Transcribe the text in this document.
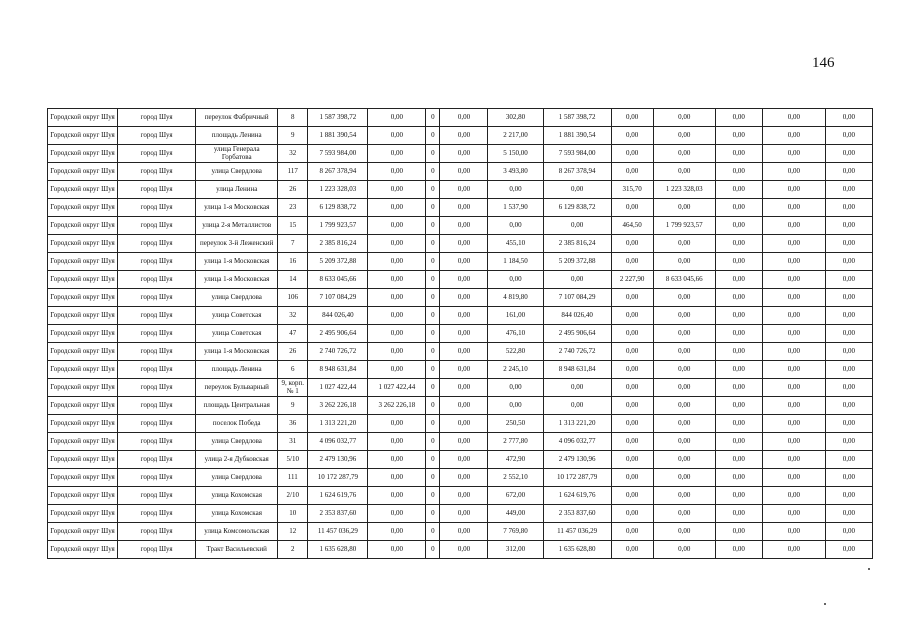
146
Городской округ Шуя	город Шуя	переулок Фабричный	8	1 587 398,72	0,00	0	0,00	302,80	1 587 398,72	0,00	0,00	0,00	0,00	0,00
Городской округ Шуя	город Шуя	площадь Ленина	9	1 881 390,54	0,00	0	0,00	2 217,00	1 881 390,54	0,00	0,00	0,00	0,00	0,00
Городской округ Шуя	город Шуя	улица Генерала Горбатова	32	7 593 984,00	0,00	0	0,00	5 150,00	7 593 984,00	0,00	0,00	0,00	0,00	0,00
Городской округ Шуя	город Шуя	улица Свердлова	117	8 267 378,94	0,00	0	0,00	3 493,80	8 267 378,94	0,00	0,00	0,00	0,00	0,00
Городской округ Шуя	город Шуя	улица Ленина	26	1 223 328,03	0,00	0	0,00	0,00	0,00	315,70	1 223 328,03	0,00	0,00	0,00
Городской округ Шуя	город Шуя	улица 1-я Московская	23	6 129 838,72	0,00	0	0,00	1 537,90	6 129 838,72	0,00	0,00	0,00	0,00	0,00
Городской округ Шуя	город Шуя	улица 2-я Металлистов	15	1 799 923,57	0,00	0	0,00	0,00	0,00	464,50	1 799 923,57	0,00	0,00	0,00
Городской округ Шуя	город Шуя	переулок 3-й Леженский	7	2 385 816,24	0,00	0	0,00	455,10	2 385 816,24	0,00	0,00	0,00	0,00	0,00
Городской округ Шуя	город Шуя	улица 1-я Московская	16	5 209 372,88	0,00	0	0,00	1 184,50	5 209 372,88	0,00	0,00	0,00	0,00	0,00
Городской округ Шуя	город Шуя	улица 1-я Московская	14	8 633 045,66	0,00	0	0,00	0,00	0,00	2 227,90	8 633 045,66	0,00	0,00	0,00
Городской округ Шуя	город Шуя	улица Свердлова	106	7 107 084,29	0,00	0	0,00	4 819,80	7 107 084,29	0,00	0,00	0,00	0,00	0,00
Городской округ Шуя	город Шуя	улица Советская	32	844 026,40	0,00	0	0,00	161,00	844 026,40	0,00	0,00	0,00	0,00	0,00
Городской округ Шуя	город Шуя	улица Советская	47	2 495 906,64	0,00	0	0,00	476,10	2 495 906,64	0,00	0,00	0,00	0,00	0,00
Городской округ Шуя	город Шуя	улица 1-я Московская	26	2 740 726,72	0,00	0	0,00	522,80	2 740 726,72	0,00	0,00	0,00	0,00	0,00
Городской округ Шуя	город Шуя	площадь Ленина	6	8 948 631,84	0,00	0	0,00	2 245,10	8 948 631,84	0,00	0,00	0,00	0,00	0,00
Городской округ Шуя	город Шуя	переулок Бульварный	9, корп. № 1	1 027 422,44	1 027 422,44	0	0,00	0,00	0,00	0,00	0,00	0,00	0,00	0,00
Городской округ Шуя	город Шуя	площадь Центральная	9	3 262 226,18	3 262 226,18	0	0,00	0,00	0,00	0,00	0,00	0,00	0,00	0,00
Городской округ Шуя	город Шуя	поселок Победа	36	1 313 221,20	0,00	0	0,00	250,50	1 313 221,20	0,00	0,00	0,00	0,00	0,00
Городской округ Шуя	город Шуя	улица Свердлова	31	4 096 032,77	0,00	0	0,00	2 777,80	4 096 032,77	0,00	0,00	0,00	0,00	0,00
Городской округ Шуя	город Шуя	улица 2-я Дубковская	5/10	2 479 130,96	0,00	0	0,00	472,90	2 479 130,96	0,00	0,00	0,00	0,00	0,00
Городской округ Шуя	город Шуя	улица Свердлова	111	10 172 287,79	0,00	0	0,00	2 552,10	10 172 287,79	0,00	0,00	0,00	0,00	0,00
Городской округ Шуя	город Шуя	улица Кохомская	2/10	1 624 619,76	0,00	0	0,00	672,00	1 624 619,76	0,00	0,00	0,00	0,00	0,00
Городской округ Шуя	город Шуя	улица Кохомская	10	2 353 837,60	0,00	0	0,00	449,00	2 353 837,60	0,00	0,00	0,00	0,00	0,00
Городской округ Шуя	город Шуя	улица Комсомольская	12	11 457 036,29	0,00	0	0,00	7 769,80	11 457 036,29	0,00	0,00	0,00	0,00	0,00
Городской округ Шуя	город Шуя	Тракт Васильевский	2	1 635 628,80	0,00	0	0,00	312,00	1 635 628,80	0,00	0,00	0,00	0,00	0,00
